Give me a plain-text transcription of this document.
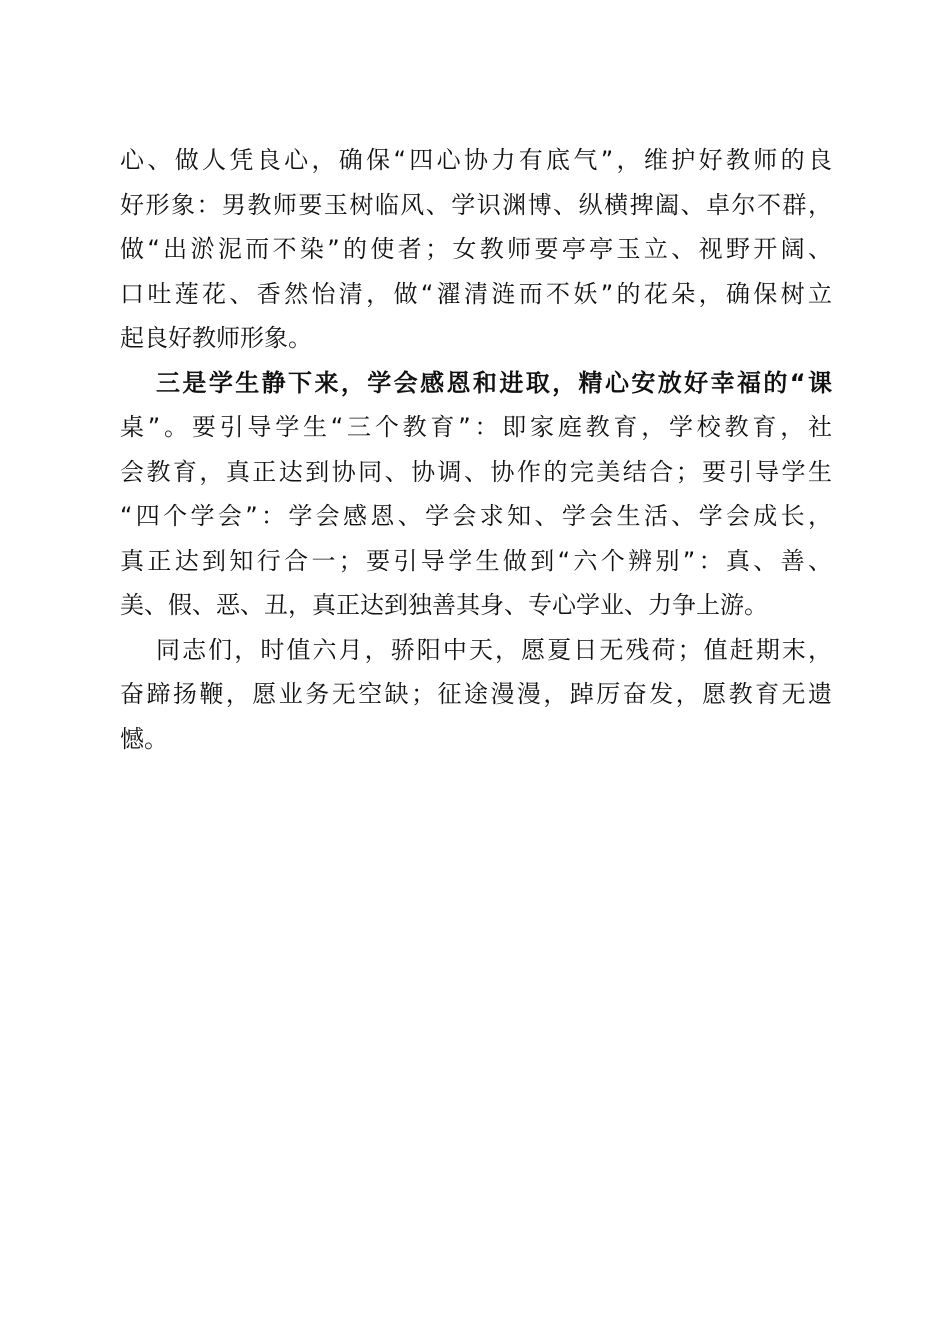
心、做人凭良心，确保“四心协力有底气”，维护好教师的良
好形象：男教师要玉树临风、学识渊博、纵横捭阖、卓尔不群，
做“出淤泥而不染”的使者；女教师要亭亭玉立、视野开阔、
口吐莲花、香然怡清，做“濯清涟而不妖”的花朵，确保树立
起良好教师形象。
三是学生静下来，学会感恩和进取，精心安放好幸福的“课
桌”。要引导学生“三个教育”：即家庭教育，学校教育，社
会教育，真正达到协同、协调、协作的完美结合；要引导学生
“四个学会”：学会感恩、学会求知、学会生活、学会成长，
真正达到知行合一；要引导学生做到“六个辨别”：真、善、
美、假、恶、丑，真正达到独善其身、专心学业、力争上游。
同志们，时值六月，骄阳中天，愿夏日无残荷；值赶期末，
奋蹄扬鞭，愿业务无空缺；征途漫漫，踔厉奋发，愿教育无遗
憾。
